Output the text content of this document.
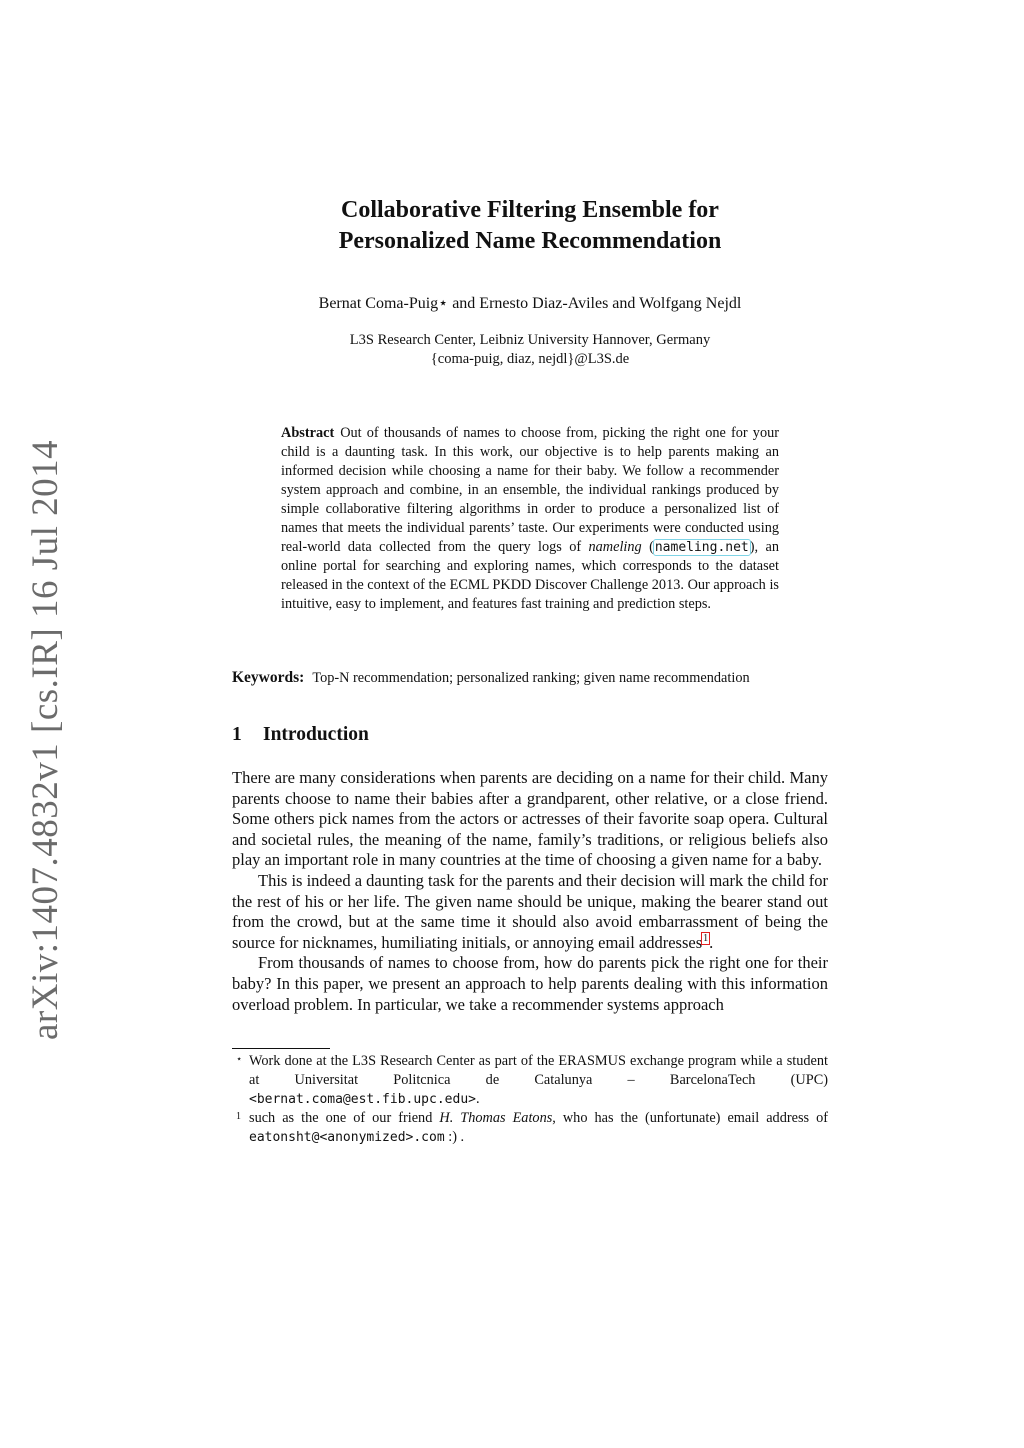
arXiv:1407.4832v1 [cs.IR] 16 Jul 2014
Collaborative Filtering Ensemble for
Personalized Name Recommendation
Bernat Coma-Puig⋆ and Ernesto Diaz-Aviles and Wolfgang Nejdl
L3S Research Center, Leibniz University Hannover, Germany
{coma-puig, diaz, nejdl}@L3S.de
Abstract Out of thousands of names to choose from, picking the right one for your child is a daunting task. In this work, our objective is to help parents making an informed decision while choosing a name for their baby. We follow a recommender system approach and combine, in an ensemble, the individual rankings produced by simple collaborative filtering algorithms in order to produce a personalized list of names that meets the individual parents’ taste. Our experiments were conducted using real-world data collected from the query logs of nameling (nameling.net), an online portal for searching and exploring names, which corresponds to the dataset released in the context of the ECML PKDD Discover Challenge 2013. Our approach is intuitive, easy to implement, and features fast training and prediction steps.
Keywords: Top-N recommendation; personalized ranking; given name recommendation
1 Introduction

There are many considerations when parents are deciding on a name for their child. Many parents choose to name their babies after a grandparent, other relative, or a close friend. Some others pick names from the actors or actresses of their favorite soap opera. Cultural and societal rules, the meaning of the name, family’s traditions, or religious beliefs also play an important role in many countries at the time of choosing a given name for a baby.

This is indeed a daunting task for the parents and their decision will mark the child for the rest of his or her life. The given name should be unique, making the bearer stand out from the crowd, but at the same time it should also avoid embarrassment of being the source for nicknames, humiliating initials, or annoying email addresses$^1$.

From thousands of names to choose from, how do parents pick the right one for their baby? In this paper, we present an approach to help parents dealing with this information overload problem. In particular, we take a recommender systems approach

⋆ Work done at the L3S Research Center as part of the ERASMUS exchange program while a student at Universitat Politcnica de Catalunya – BarcelonaTech (UPC) <bernat.coma@est.fib.upc.edu>.
1 such as the one of our friend H. Thomas Eatons, who has the (unfortunate) email address of eatonsht@<anonymized>.com :) .
